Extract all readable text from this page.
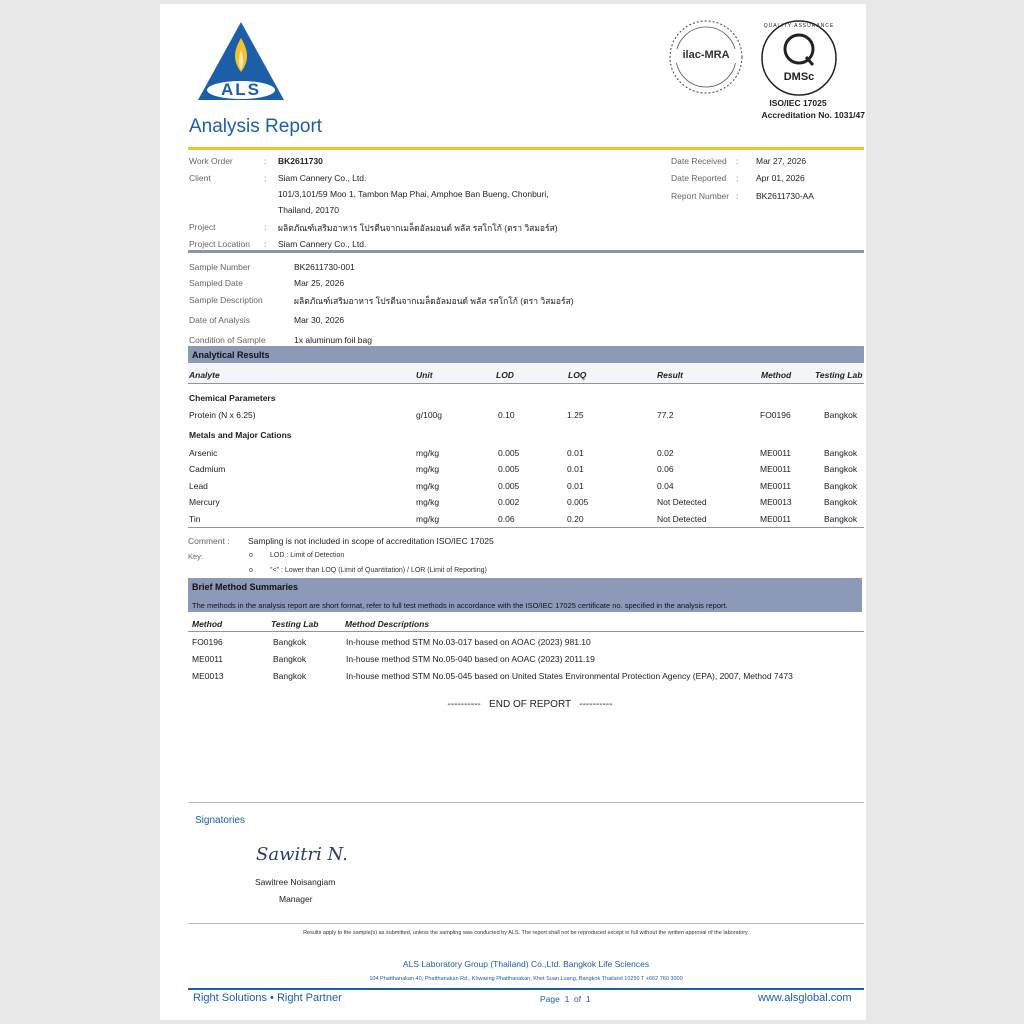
ALS
ilac-MRA
QUALITY ASSURANCE
DMSc
ISO/IEC 17025
Accreditation No. 1031/47
Analysis Report
Work Order	: BK2611730
Client	: Siam Cannery Co., Ltd.
101/3,101/59 Moo 1, Tambon Map Phai, Amphoe Ban Bueng, Chonburi,
Thailand, 20170
Project	: ผลิตภัณฑ์เสริมอาหาร โปรตีนจากเมล็ดอัลมอนด์ พลัส รสโกโก้ (ตรา วิสมอร์ส)
Project Location : Siam Cannery Co., Ltd.
Date Received : Mar 27, 2026
Date Reported : Apr 01, 2026
Report Number : BK2611730-AA
Sample Number	BK2611730-001
Sampled Date	Mar 25, 2026
Sample Description	ผลิตภัณฑ์เสริมอาหาร โปรตีนจากเมล็ดอัลมอนด์ พลัส รสโกโก้ (ตรา วิสมอร์ส)
Date of Analysis	Mar 30, 2026
Condition of Sample	1x aluminum foil bag
Analytical Results
Analyte	Unit	LOD	LOQ	Result	Method	Testing Lab
Chemical Parameters
Protein (N x 6.25)	g/100g	0.10	1.25	77.2	FO0196	Bangkok
Metals and Major Cations
Arsenic	mg/kg	0.005	0.01	0.02	ME0011	Bangkok
Cadmium	mg/kg	0.005	0.01	0.06	ME0011	Bangkok
Lead	mg/kg	0.005	0.01	0.04	ME0011	Bangkok
Mercury	mg/kg	0.002	0.005	Not Detected	ME0013	Bangkok
Tin	mg/kg	0.06	0.20	Not Detected	ME0011	Bangkok
Comment : Sampling is not included in scope of accreditation ISO/IEC 17025
Key:	o LOD : Limit of Detection
o "<" : Lower than LOQ (Limit of Quantitation) / LOR (Limit of Reporting)
Brief Method Summaries
The methods in the analysis report are short format, refer to full test methods in accordance with the ISO/IEC 17025 certificate no. specified in the analysis report.
Method	Testing Lab	Method Descriptions
FO0196	Bangkok	In-house method STM No.03-017 based on AOAC (2023) 981.10
ME0011	Bangkok	In-house method STM No.05-040 based on AOAC (2023) 2011.19
ME0013	Bangkok	In-house method STM No.05-045 based on United States Environmental Protection Agency (EPA), 2007, Method 7473
----------   END OF REPORT   ----------
Signatories
Sawitri N.
Sawitree Noisangiam
Manager
Results apply to the sample(s) as submitted, unless the sampling was conducted by ALS. The report shall not be reproduced except in full without the written approval of the laboratory.
ALS Laboratory Group (Thailand) Co.,Ltd. Bangkok Life Sciences
104 Phatthanakan 40, Phatthanakan Rd., Khwaeng Phatthanakan, Khet Suan Luang, Bangkok Thailand 10250 T +662 760 3000
Right Solutions • Right Partner	Page  1  of  1	www.alsglobal.com
